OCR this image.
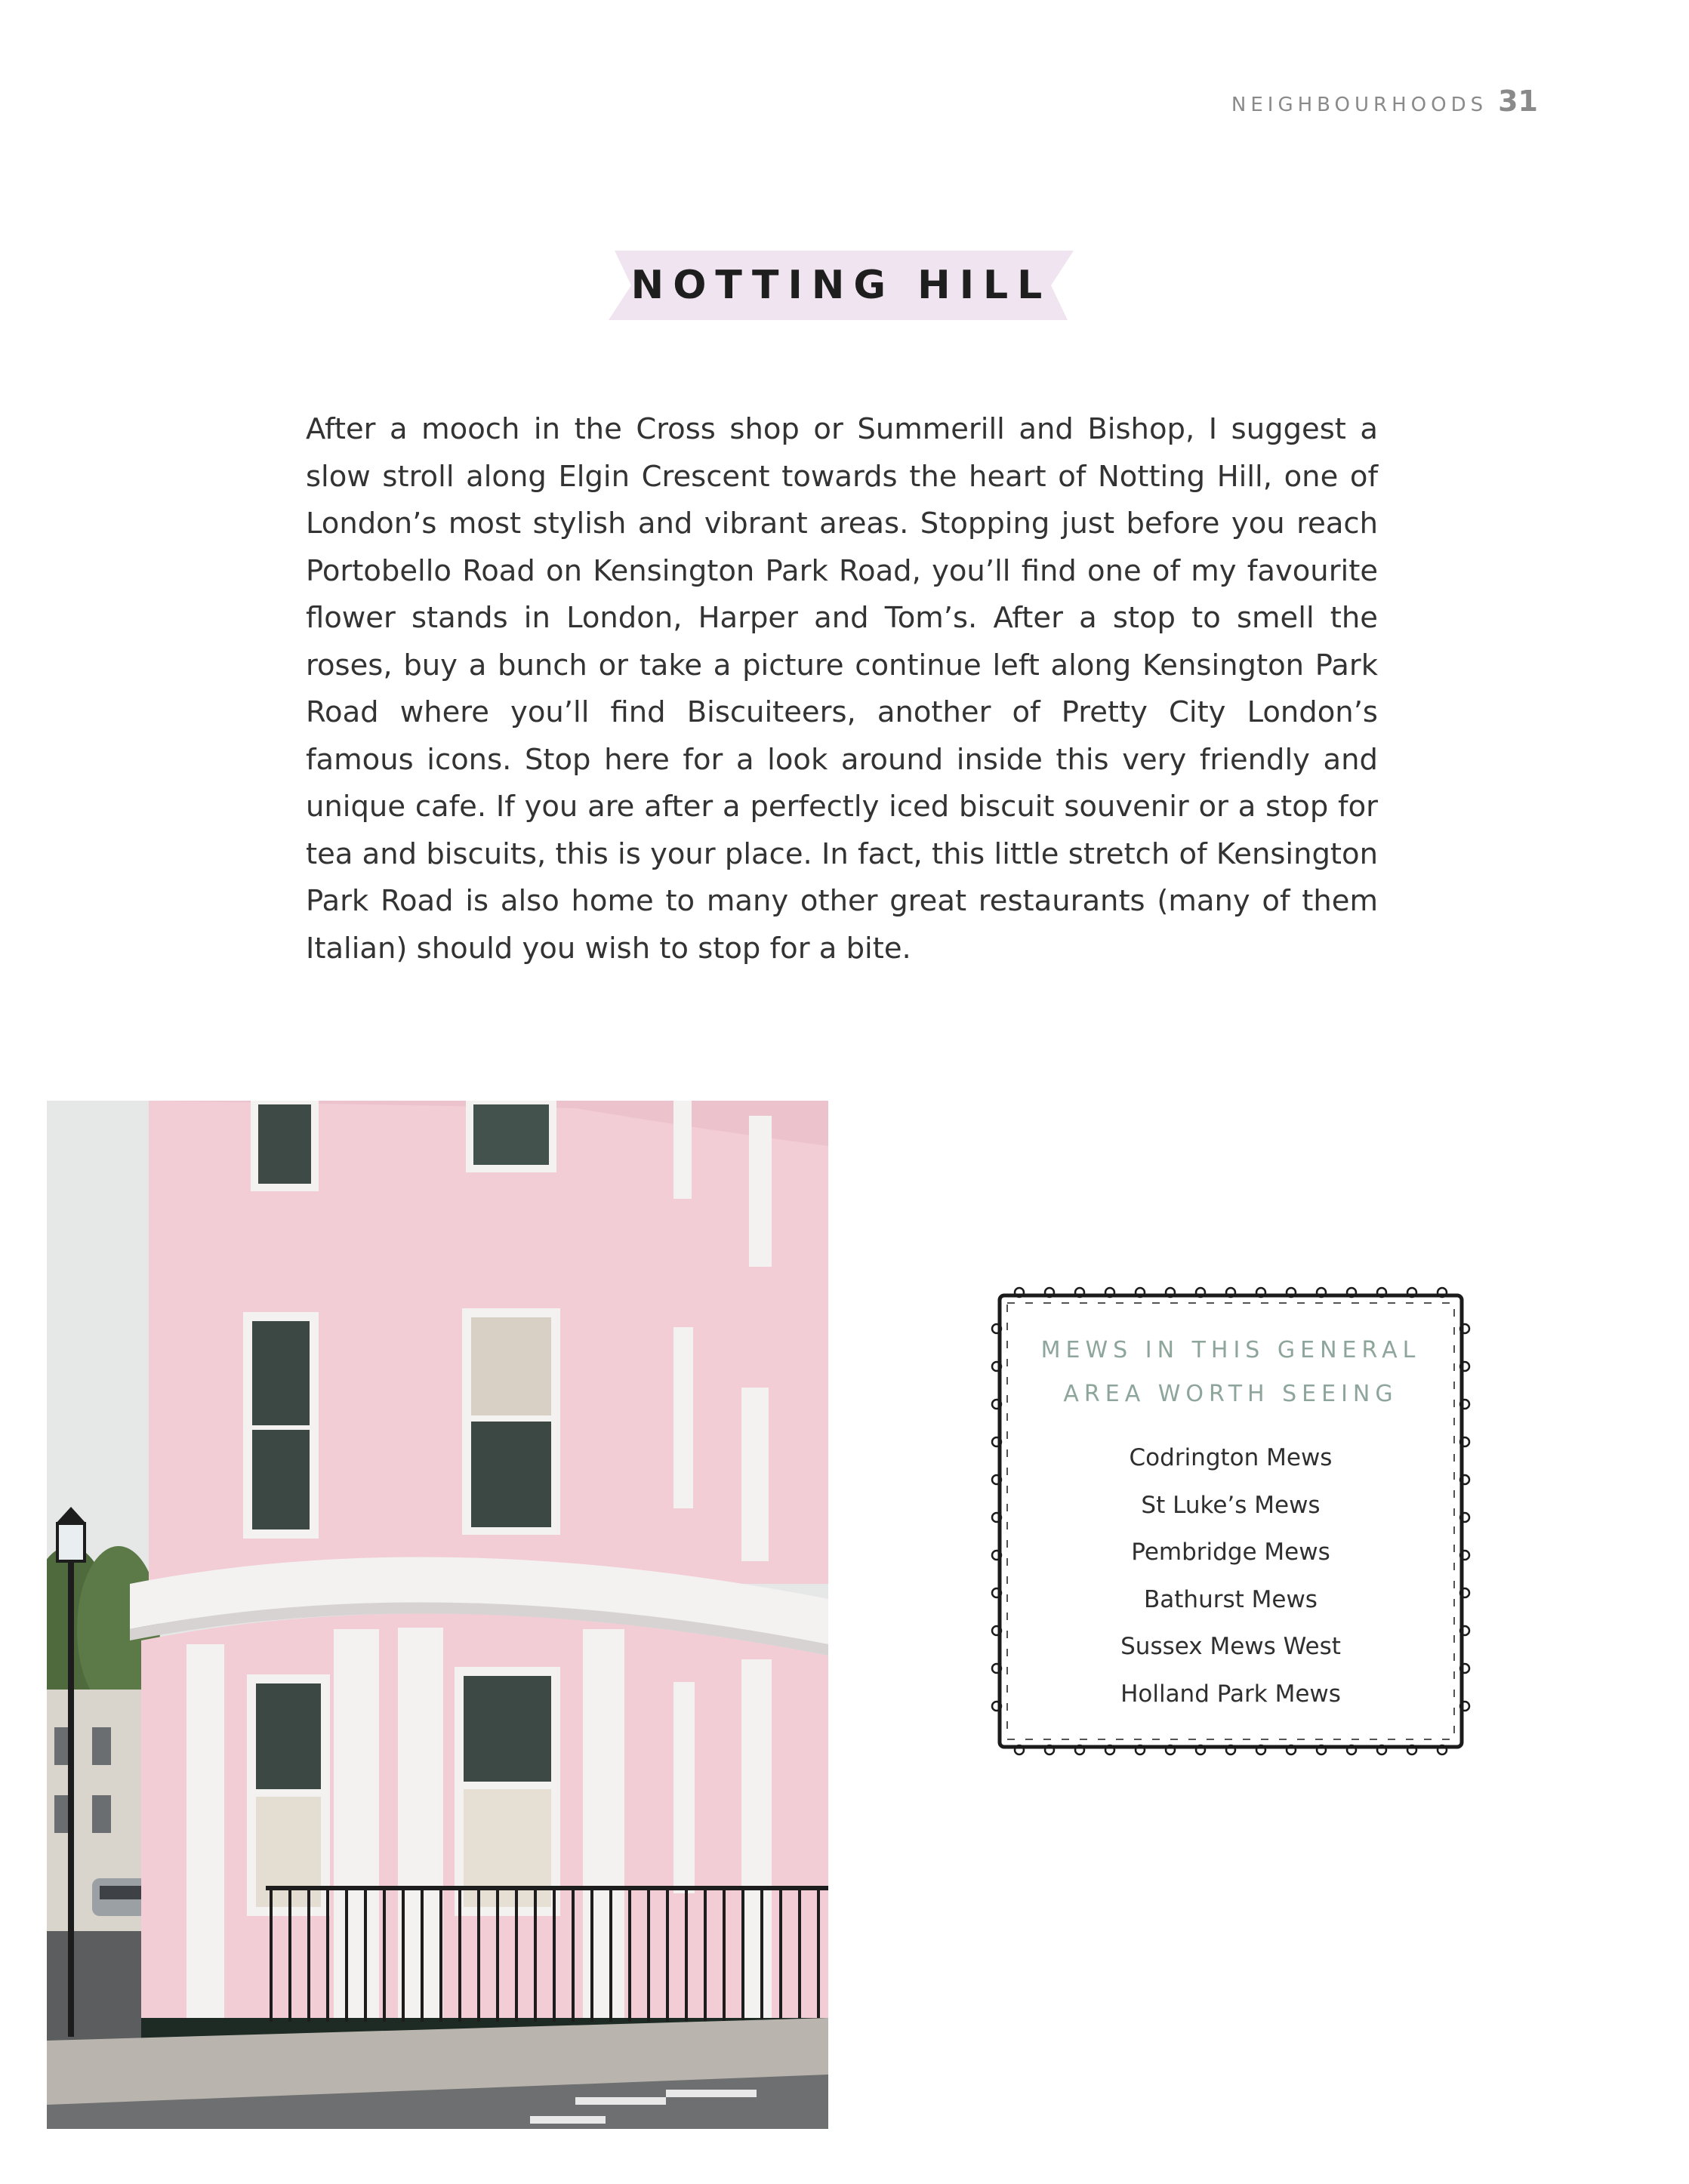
NEIGHBOURHOODS 31
NOTTING HILL

After a mooch in the Cross shop or Summerill and Bishop, I suggest a slow stroll along Elgin Crescent towards the heart of Notting Hill, one of London’s most stylish and vibrant areas. Stopping just before you reach Portobello Road on Kensington Park Road, you’ll find one of my favourite flower stands in London, Harper and Tom’s. After a stop to smell the roses, buy a bunch or take a picture continue left along Kensington Park Road where you’ll find Biscuiteers, another of Pretty City London’s famous icons. Stop here for a look around inside this very friendly and unique cafe. If you are after a perfectly iced biscuit souvenir or a stop for tea and biscuits, this is your place. In fact, this little stretch of Kensington Park Road is also home to many other great restaurants (many of them Italian) should you wish to stop for a bite.

MEWS IN THIS GENERAL AREA WORTH SEEING
Codrington Mews
St Luke’s Mews
Pembridge Mews
Bathurst Mews
Sussex Mews West
Holland Park Mews
